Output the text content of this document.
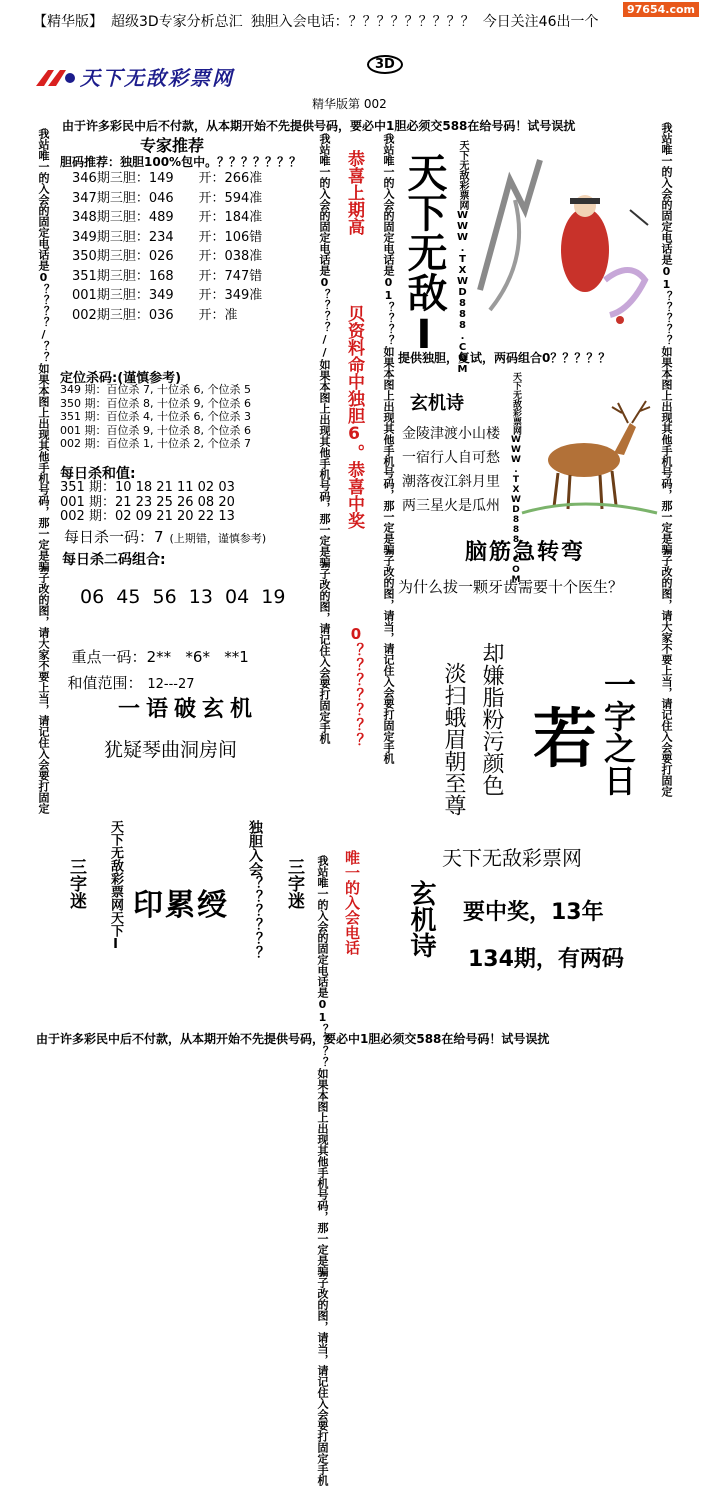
【精华版】 超级3D专家分析总汇 独胆入会电话：？？？？？？？？？ 今日关注46出一个
97654.com
天下无敌彩票网
3D
精华版第 002
由于许多彩民中后不付款，从本期开始不先提供号码，要必中1胆必须交588在给号码！试号误扰
我站唯一的入会的固定电话是0？？？？/？？如果本图上出现其他手机号码，那一定是骗子改的图，请大家不要上当，请记住入会要打固定	专家推荐
胆码推荐：独胆100%包中。？？？？？？？
346期三胆：149 开：266准
347期三胆：046 开：594准
348期三胆：489 开：184准
349期三胆：234 开：106错
350期三胆：026 开：038准
351期三胆：168 开：747错
001期三胆：349 开：349准
002期三胆：036 开：准
定位杀码:(谨慎参考)
349 期：百位杀 7, 十位杀 6, 个位杀 5
350 期：百位杀 8, 十位杀 9, 个位杀 6
351 期：百位杀 4, 十位杀 6, 个位杀 3
001 期：百位杀 9, 十位杀 8, 个位杀 6
002 期：百位杀 1, 十位杀 2, 个位杀 7
每日杀和值:
351 期：10 18 21 11 02 03
001 期：21 23 25 26 08 20
002 期：02 09 21 20 22 13
每日杀一码：7 (上期错，谨慎参考)
每日杀二码组合:
06  45  56  13  04  19

重点一码：2**   *6*   **1

和值范围： 12---27

一语破玄机
犹疑琴曲洞房间
三字迷 天下无敌彩票网天下I 印累绶 独胆入会？？？？？？ 三字迷
我站唯一的入会的固定电话是0？？？？//如果本图上出现其他手机号码，那一定是骗子改的图，请记住入会要打固定手机 恭喜上期高
贝资料命中独胆6。恭喜中奖
0？？？？？？？
唯一的入会电话
我站唯一的入会的固定电话是01？？？？如果本图上出现其他手机号码，那一定是骗子改的图，请当，请记住入会要打固定手机
我站唯一的入会的固定电话是01？？？？如果本图上出现其他手机号码，那一定是骗子改的图，请当，请记住入会要打固定手机 天下无敌I 天下无敌彩票网WWW.TXWD888.COM
提供独胆，复试，两码组合0？？？？？
玄机诗
金陵津渡小山楼
一宿行人自可愁
潮落夜江斜月里
两三星火是瓜州 天下无敌彩票网WWW.TXWD888.COM
脑筋急转弯
为什么拔一颗牙齿需要十个医生？
淡扫蛾眉朝至尊 却嫌脂粉污颜色 若 一字之日
天下无敌彩票网
玄机诗 要中奖，13年
134期，有两码
我站唯一的入会的固定电话是01？？？？？如果本图上出现其他手机号码，那一定是骗子改的图，请大家不要上当，请记住入会要打固定
由于许多彩民中后不付款，从本期开始不先提供号码，要必中1胆必须交588在给号码！试号误扰
